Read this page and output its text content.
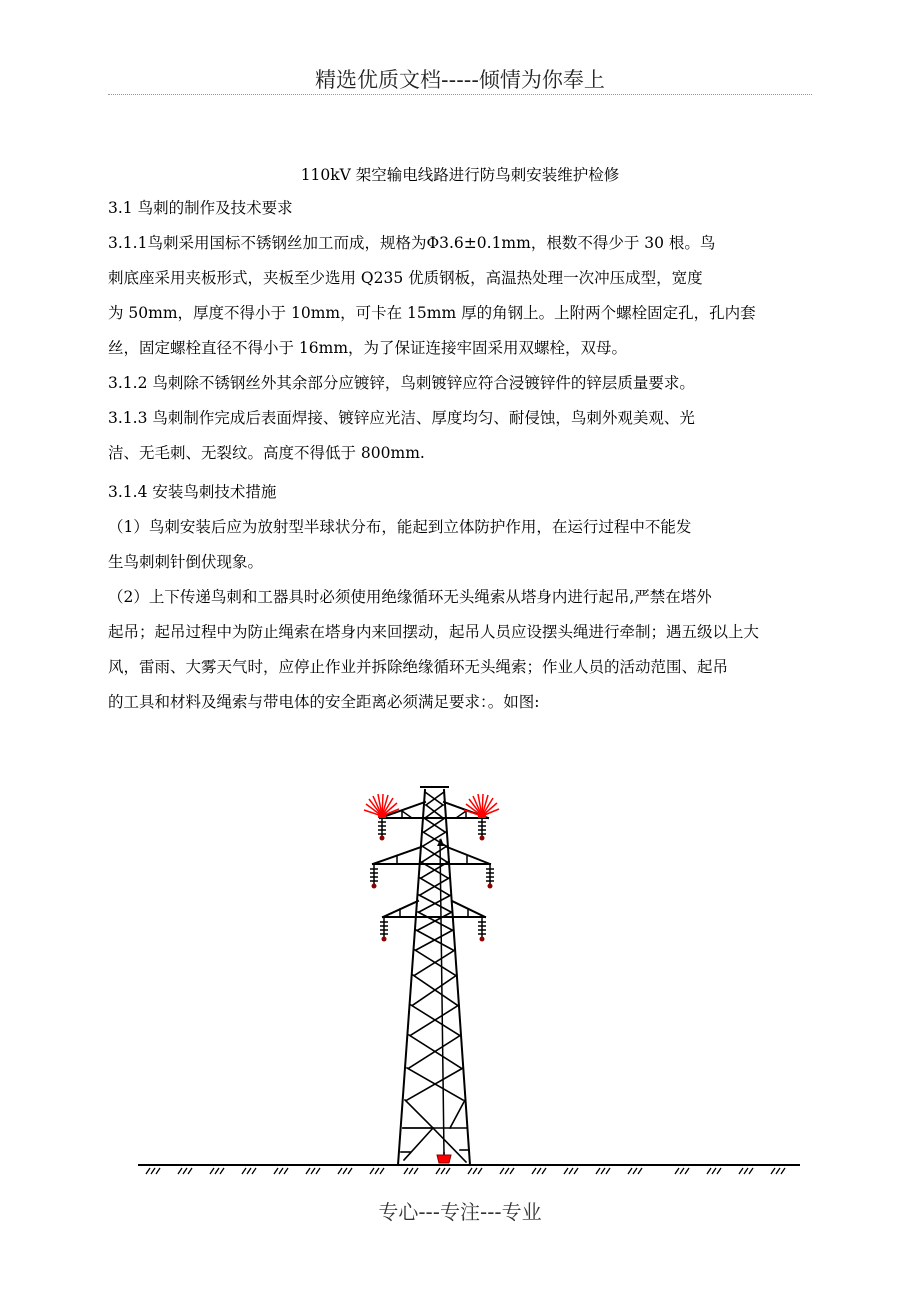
精选优质文档-----倾情为你奉上
110kV 架空输电线路进行防鸟刺安装维护检修
3.1 鸟刺的制作及技术要求

3.1.1鸟刺采用国标不锈钢丝加工而成，规格为Φ3.6±0.1mm，根数不得少于 30 根。鸟
刺底座采用夹板形式，夹板至少选用 Q235 优质钢板，高温热处理一次冲压成型，宽度
为 50mm，厚度不得小于 10mm，可卡在 15mm 厚的角钢上。上附两个螺栓固定孔，孔内套
丝，固定螺栓直径不得小于 16mm，为了保证连接牢固采用双螺栓，双母。

3.1.2 鸟刺除不锈钢丝外其余部分应镀锌，鸟刺镀锌应符合浸镀锌件的锌层质量要求。

3.1.3 鸟刺制作完成后表面焊接、镀锌应光洁、厚度均匀、耐侵蚀，鸟刺外观美观、光
洁、无毛刺、无裂纹。高度不得低于 800mm.

3.1.4 安装鸟刺技术措施

（1）鸟刺安装后应为放射型半球状分布，能起到立体防护作用，在运行过程中不能发
生鸟刺刺针倒伏现象。

（2）上下传递鸟刺和工器具时必须使用绝缘循环无头绳索从塔身内进行起吊,严禁在塔外
起吊；起吊过程中为防止绳索在塔身内来回摆动，起吊人员应设摆头绳进行牵制；遇五级以上大
风，雷雨、大雾天气时，应停止作业并拆除绝缘循环无头绳索；作业人员的活动范围、起吊
的工具和材料及绳索与带电体的安全距离必须满足要求：。如图:

专心---专注---专业
